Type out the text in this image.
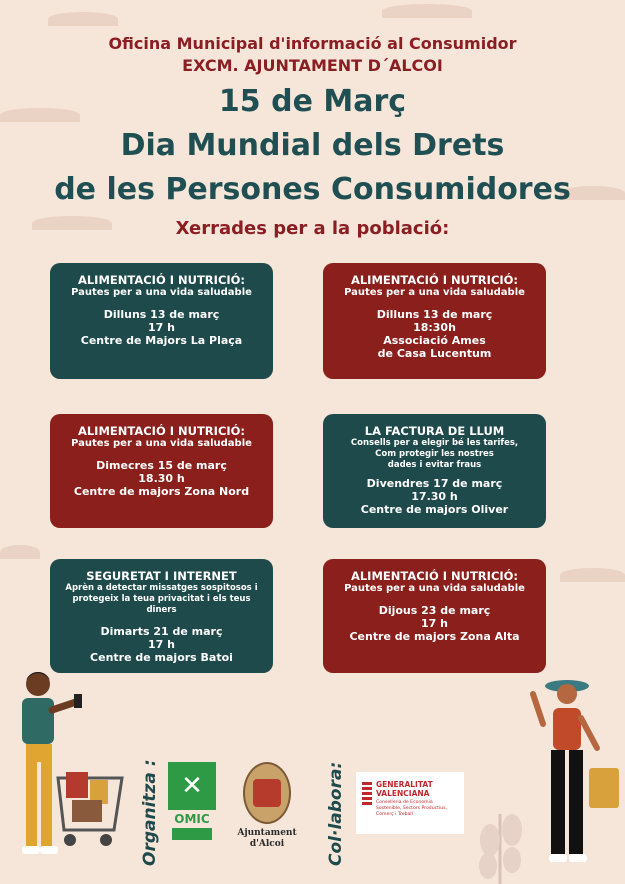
Oficina Municipal d'informació al Consumidor
EXCM. AJUNTAMENT D´ALCOI
15 de Març
Dia Mundial dels Drets
de les Persones Consumidores
Xerrades per a la població:
ALIMENTACIÓ I NUTRICIÓ:
Pautes per a una vida saludable
Dilluns 13 de març
17 h
Centre de Majors La Plaça
ALIMENTACIÓ I NUTRICIÓ:
Pautes per a una vida saludable
Dilluns 13 de març
18:30h
Associació Ames
de Casa Lucentum
ALIMENTACIÓ I NUTRICIÓ:
Pautes per a una vida saludable
Dimecres 15 de març
18.30 h
Centre de majors Zona Nord
LA FACTURA DE LLUM
Consells per a elegir bé les tarifes,
Com protegir les nostres
dades i evitar fraus
Divendres 17 de març
17.30 h
Centre de majors Oliver
SEGURETAT I INTERNET
Aprèn a detectar missatges sospitosos i
protegeix la teua privacitat i els teus diners
Dimarts 21 de març
17 h
Centre de majors Batoi
ALIMENTACIÓ I NUTRICIÓ:
Pautes per a una vida saludable
Dijous 23 de març
17 h
Centre de majors Zona Alta
Organitza : ✕
OMIC
Ajuntament
d'Alcoi	Col·labora:	GENERALITAT
VALENCIANA
Conselleria de Economia
Sostenible, Sectors Productius,
Comerç i Treball
